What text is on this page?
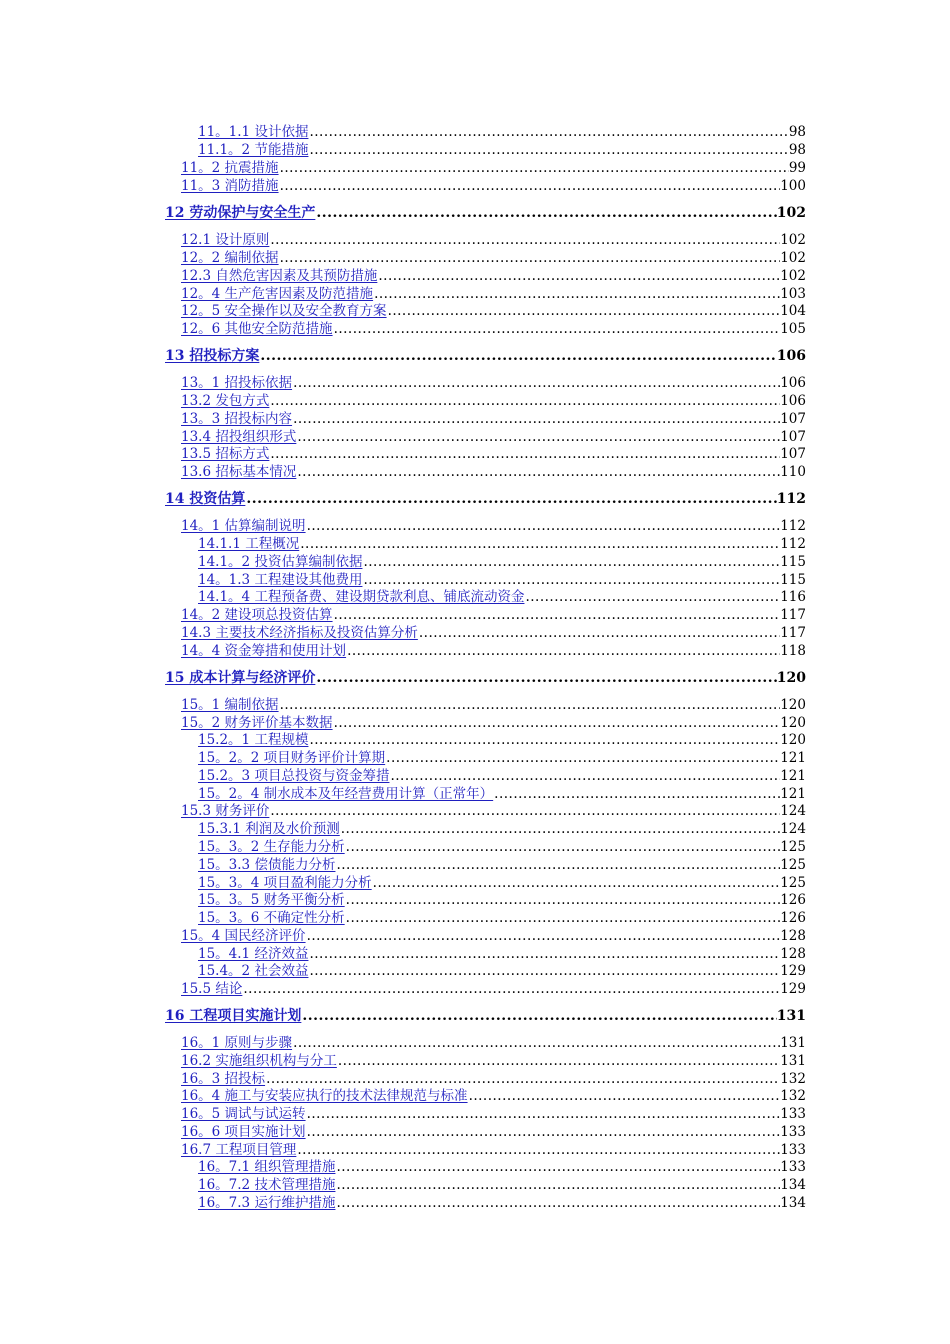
11。1.1 设计依据 .....	98
11.1。2 节能措施 .....	98
11。2 抗震措施 .....	99
11。3 消防措施 .....	100
12 劳动保护与安全生产 .....	102
12.1 设计原则 .....	102
12。2 编制依据 .....	102
12.3 自然危害因素及其预防措施 .....	102
12。4 生产危害因素及防范措施 .....	103
12。5 安全操作以及安全教育方案 .....	104
12。6 其他安全防范措施 .....	105
13 招投标方案 .....	106
13。1 招投标依据 .....	106
13.2 发包方式 .....	106
13。3 招投标内容 .....	107
13.4 招投组织形式 .....	107
13.5 招标方式 .....	107
13.6 招标基本情况 .....	110
14 投资估算 .....	112
14。1 估算编制说明 .....	112
14.1.1 工程概况 .....	112
14.1。2 投资估算编制依据 .....	115
14。1.3 工程建设其他费用 .....	115
14.1。4 工程预备费、建设期贷款利息、铺底流动资金 .....	116
14。2 建设项总投资估算 .....	117
14.3 主要技术经济指标及投资估算分析 .....	117
14。4 资金筹措和使用计划 .....	118
15 成本计算与经济评价 .....	120
15。1 编制依据 .....	120
15。2 财务评价基本数据 .....	120
15.2。1 工程规模 .....	120
15。2。2 项目财务评价计算期 .....	121
15.2。3 项目总投资与资金筹措 .....	121
15。2。4 制水成本及年经营费用计算（正常年） .....	121
15.3 财务评价 .....	124
15.3.1 利润及水价预测 .....	124
15。3。2 生存能力分析 .....	125
15。3.3 偿债能力分析 .....	125
15。3。4 项目盈利能力分析 .....	125
15。3。5 财务平衡分析 .....	126
15。3。6 不确定性分析 .....	126
15。4 国民经济评价 .....	128
15。4.1 经济效益 .....	128
15.4。2 社会效益 .....	129
15.5 结论 .....	129
16 工程项目实施计划 .....	131
16。1 原则与步骤 .....	131
16.2 实施组织机构与分工 .....	131
16。3 招投标 .....	132
16。4 施工与安装应执行的技术法律规范与标准 .....	132
16。5 调试与试运转 .....	133
16。6 项目实施计划 .....	133
16.7 工程项目管理 .....	133
16。7.1 组织管理措施 .....	133
16。7.2 技术管理措施 .....	134
16。7.3 运行维护措施 .....	134
